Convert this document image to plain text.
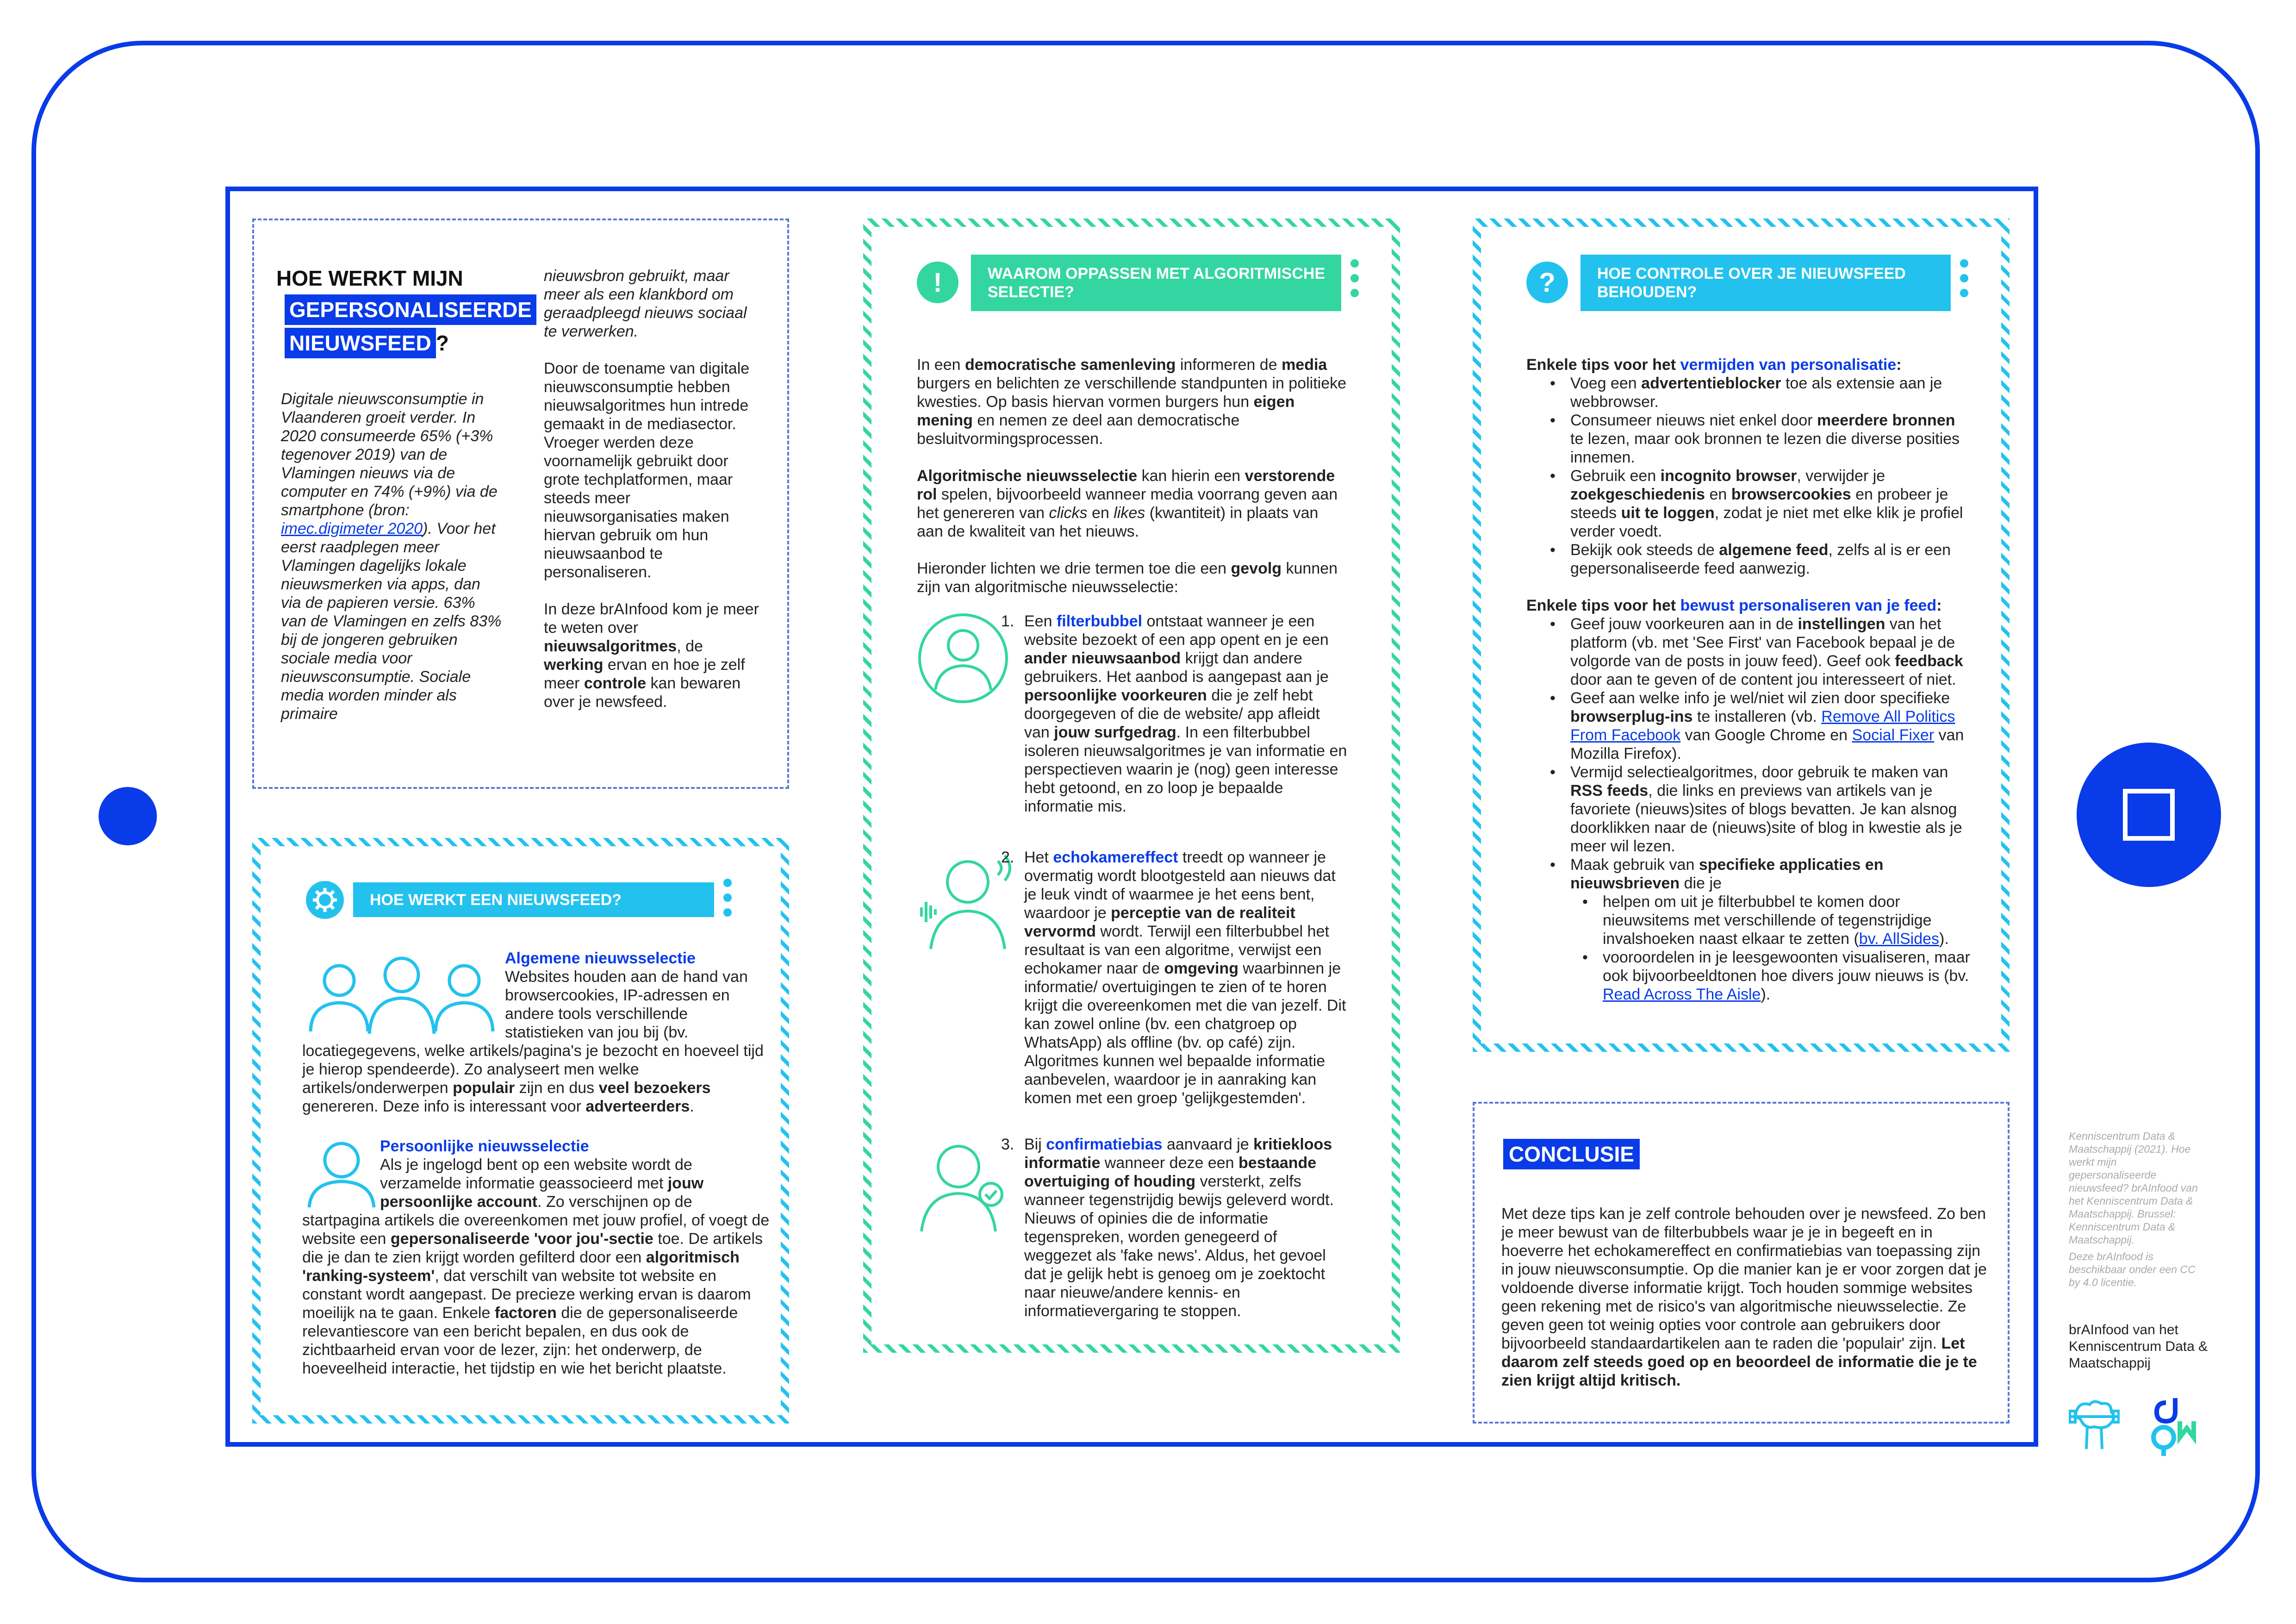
HOE WERKT MIJN
GEPERSONALISEERDE
NIEUWSFEED ?
Digitale nieuwsconsumptie in Vlaanderen groeit verder. In 2020 consumeerde 65% (+3% tegenover 2019) van de Vlamingen nieuws via de computer en 74% (+9%) via de smartphone (bron: imec.digimeter 2020). Voor het eerst raadplegen meer Vlamingen dagelijks lokale nieuwsmerken via apps, dan via de papieren versie. 63% van de Vlamingen en zelfs 83% bij de jongeren gebruiken sociale media voor nieuwsconsumptie. Sociale media worden minder als primaire

nieuwsbron gebruikt, maar meer als een klankbord om geraadpleegd nieuws sociaal te verwerken.

Door de toename van digitale nieuwsconsumptie hebben nieuwsalgoritmes hun intrede gemaakt in de mediasector. Vroeger werden deze voornamelijk gebruikt door grote techplatformen, maar steeds meer nieuwsorganisaties maken hiervan gebruik om hun nieuwsaanbod te personaliseren.

In deze brAInfood kom je meer te weten over nieuwsalgoritmes, de werking ervan en hoe je zelf meer controle kan bewaren over je newsfeed.

HOE WERKT EEN NIEUWSFEED?
Algemene nieuwsselectie
Websites houden aan de hand van browsercookies, IP-adressen en andere tools verschillende statistieken van jou bij (bv. locatiegegevens, welke artikels/pagina's je bezocht en hoeveel tijd je hierop spendeerde). Zo analyseert men welke artikels/onderwerpen populair zijn en dus veel bezoekers genereren. Deze info is interessant voor adverteerders.
Persoonlijke nieuwsselectie
Als je ingelogd bent op een website wordt de verzamelde informatie geassocieerd met jouw persoonlijke account. Zo verschijnen op de startpagina artikels die overeenkomen met jouw profiel, of voegt de website een gepersonaliseerde 'voor jou'-sectie toe. De artikels die je dan te zien krijgt worden gefilterd door een algoritmisch 'ranking-systeem', dat verschilt van website tot website en constant wordt aangepast. De precieze werking ervan is daarom moeilijk na te gaan. Enkele factoren die de gepersonaliseerde relevantiescore van een bericht bepalen, en dus ook de zichtbaarheid ervan voor de lezer, zijn: het onderwerp, de hoeveelheid interactie, het tijdstip en wie het bericht plaatste.
!	WAAROM OPPASSEN MET ALGORITMISCHE SELECTIE?

In een democratische samenleving informeren de media burgers en belichten ze verschillende standpunten in politieke kwesties. Op basis hiervan vormen burgers hun eigen mening en nemen ze deel aan democratische besluitvormingsprocessen.

Algoritmische nieuwsselectie kan hierin een verstorende rol spelen, bijvoorbeeld wanneer media voorrang geven aan het genereren van clicks en likes (kwantiteit) in plaats van aan de kwaliteit van het nieuws.

Hieronder lichten we drie termen toe die een gevolg kunnen zijn van algoritmische nieuwsselectie:

1. Een filterbubbel ontstaat wanneer je een website bezoekt of een app opent en je een ander nieuwsaanbod krijgt dan andere gebruikers. Het aanbod is aangepast aan je persoonlijke voorkeuren die je zelf hebt doorgegeven of die de website/ app afleidt van jouw surfgedrag. In een filterbubbel isoleren nieuwsalgoritmes je van informatie en perspectieven waarin je (nog) geen interesse hebt getoond, en zo loop je bepaalde informatie mis.
2. Het echokamereffect treedt op wanneer je overmatig wordt blootgesteld aan nieuws dat je leuk vindt of waarmee je het eens bent, waardoor je perceptie van de realiteit vervormd wordt. Terwijl een filterbubbel het resultaat is van een algoritme, verwijst een echokamer naar de omgeving waarbinnen je informatie/ overtuigingen te zien of te horen krijgt die overeenkomen met die van jezelf. Dit kan zowel online (bv. een chatgroep op WhatsApp) als offline (bv. op café) zijn. Algoritmes kunnen wel bepaalde informatie aanbevelen, waardoor je in aanraking kan komen met een groep 'gelijkgestemden'.
3. Bij confirmatiebias aanvaard je kritiekloos informatie wanneer deze een bestaande overtuiging of houding versterkt, zelfs wanneer tegenstrijdig bewijs geleverd wordt. Nieuws of opinies die de informatie tegenspreken, worden genegeerd of weggezet als 'fake news'. Aldus, het gevoel dat je gelijk hebt is genoeg om je zoektocht naar nieuwe/andere kennis- en informatievergaring te stoppen.
?	HOE CONTROLE OVER JE NIEUWSFEED BEHOUDEN?

Enkele tips voor het vermijden van personalisatie:

• Voeg een advertentieblocker toe als extensie aan je webbrowser.
• Consumeer nieuws niet enkel door meerdere bronnen te lezen, maar ook bronnen te lezen die diverse posities innemen.
• Gebruik een incognito browser, verwijder je zoekgeschiedenis en browsercookies en probeer je steeds uit te loggen, zodat je niet met elke klik je profiel verder voedt.
• Bekijk ook steeds de algemene feed, zelfs al is er een gepersonaliseerde feed aanwezig.

Enkele tips voor het bewust personaliseren van je feed:

• Geef jouw voorkeuren aan in de instellingen van het platform (vb. met 'See First' van Facebook bepaal je de volgorde van de posts in jouw feed). Geef ook feedback door aan te geven of de content jou interesseert of niet.
• Geef aan welke info je wel/niet wil zien door specifieke browserplug-ins te installeren (vb. Remove All Politics From Facebook van Google Chrome en Social Fixer van Mozilla Firefox).
• Vermijd selectiealgoritmes, door gebruik te maken van RSS feeds, die links en previews van artikels van je favoriete (nieuws)sites of blogs bevatten. Je kan alsnog doorklikken naar de (nieuws)site of blog in kwestie als je meer wil lezen.
• Maak gebruik van specifieke applicaties en nieuwsbrieven die je
• helpen om uit je filterbubbel te komen door nieuwsitems met verschillende of tegenstrijdige invalshoeken naast elkaar te zetten (bv. AllSides).
• vooroordelen in je leesgewoonten visualiseren, maar ook bijvoorbeeldtonen hoe divers jouw nieuws is (bv. Read Across The Aisle).
CONCLUSIE
Met deze tips kan je zelf controle behouden over je newsfeed. Zo ben je meer bewust van de filterbubbels waar je je in begeeft en in hoeverre het echokamereffect en confirmatiebias van toepassing zijn in jouw nieuwsconsumptie. Op die manier kan je er voor zorgen dat je voldoende diverse informatie krijgt. Toch houden sommige websites geen rekening met de risico's van algoritmische nieuwsselectie. Ze geven geen tot weinig opties voor controle aan gebruikers door bijvoorbeeld standaardartikelen aan te raden die 'populair' zijn. Let daarom zelf steeds goed op en beoordeel de informatie die je te zien krijgt altijd kritisch.
Kenniscentrum Data & Maatschappij (2021). Hoe werkt mijn gepersonaliseerde nieuwsfeed? brAInfood van het Kenniscentrum Data & Maatschappij. Brussel: Kenniscentrum Data & Maatschappij.
Deze brAInfood is beschikbaar onder een CC by 4.0 licentie.
brAInfood van het Kenniscentrum Data & Maatschappij
